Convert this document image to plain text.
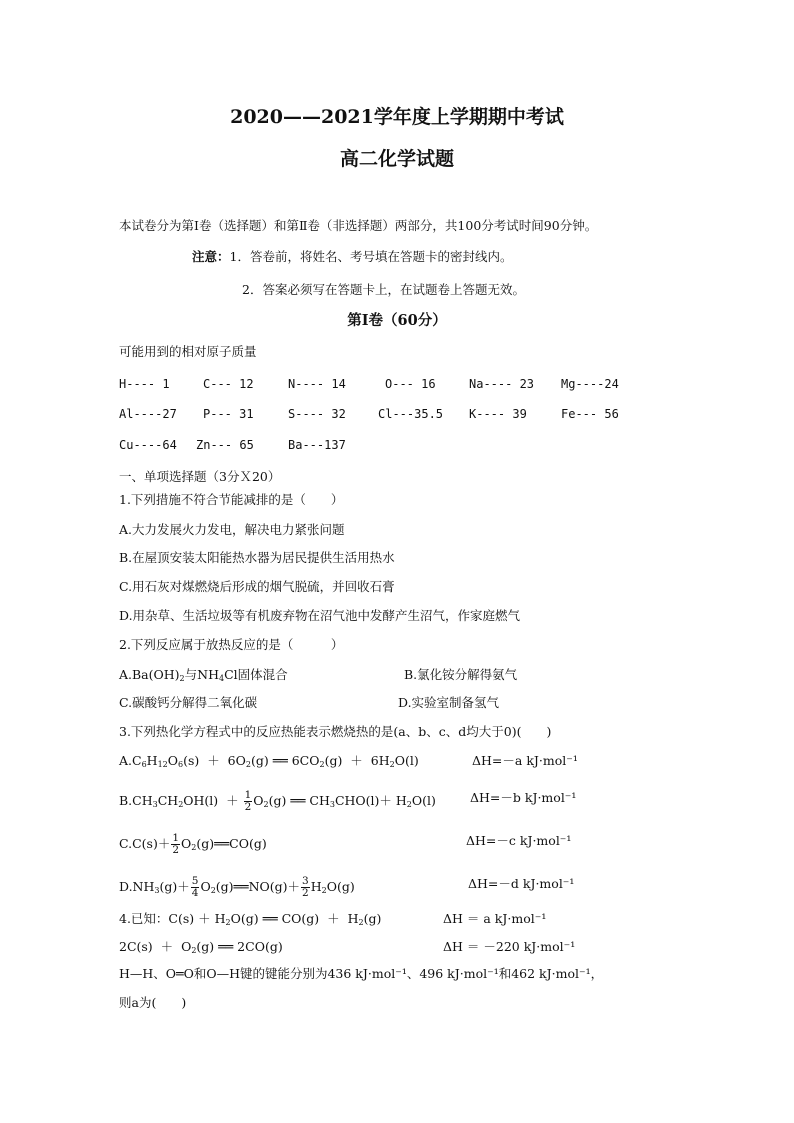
2020——2021学年度上学期期中考试
高二化学试题
本试卷分为第Ⅰ卷（选择题）和第Ⅱ卷（非选择题）两部分，共100分考试时间90分钟。
注意：1．答卷前，将姓名、考号填在答题卡的密封线内。
2．答案必须写在答题卡上，在试题卷上答题无效。
第Ⅰ卷（60分）
可能用到的相对原子质量
H---- 1	C--- 12	N---- 14	O--- 16	Na---- 23 Mg----24
Al----27 P--- 31	S---- 32	Cl---35.5 K---- 39	Fe--- 56
Cu----64 Zn--- 65	Ba---137
一、单项选择题（3分Ｘ20）
1.下列措施不符合节能减排的是（　　）
A.大力发展火力发电，解决电力紧张问题
B.在屋顶安装太阳能热水器为居民提供生活用热水
C.用石灰对煤燃烧后形成的烟气脱硫，并回收石膏
D.用杂草、生活垃圾等有机废弃物在沼气池中发酵产生沼气，作家庭燃气
2.下列反应属于放热反应的是（　　　）
$A.Ba(OH)_2$与$NH_4Cl$固体混合	B.氯化铵分解得氨气
C.碳酸钙分解得二氧化碳	D.实验室制备氢气
3.下列热化学方程式中的反应热能表示燃烧热的是(a、b、c、d均大于0)(　　)
$A.C_6H_{12}O_6(s) + 6O_2(g)$ ══ $6CO_2(g) + 6H_2O(l)$	ΔH=－a kJ·mol⁻¹
$B.CH_3CH_2OH(l) + \frac{1}{2} O_2(g)$ ══ $CH_3CHO(l)+ H_2O(l)$	ΔH=－b kJ·mol⁻¹
$C.C(s)+ \frac{1}{2}$ $O_2(g)══CO(g)$	ΔH=－c kJ·mol⁻¹
$D.NH_3(g)+ \frac{5}{4}$ $O_2(g)══NO(g)+ \frac{3}{2} H_2O(g)$	ΔH=－d kJ·mol⁻¹
4.已知：$C(s) + H_2O(g)$ ══ $CO(g) + H_2(g)$	ΔH ＝ a kJ·mol⁻¹
$2C(s) + O_2(g)$ ══ 2CO(g)	ΔH ＝ －220 kJ·mol⁻¹
H—H、O═O和O—H键的键能分别为436 kJ·mol⁻¹、496 kJ·mol⁻¹和462 kJ·mol⁻¹，
则a为(　　)
